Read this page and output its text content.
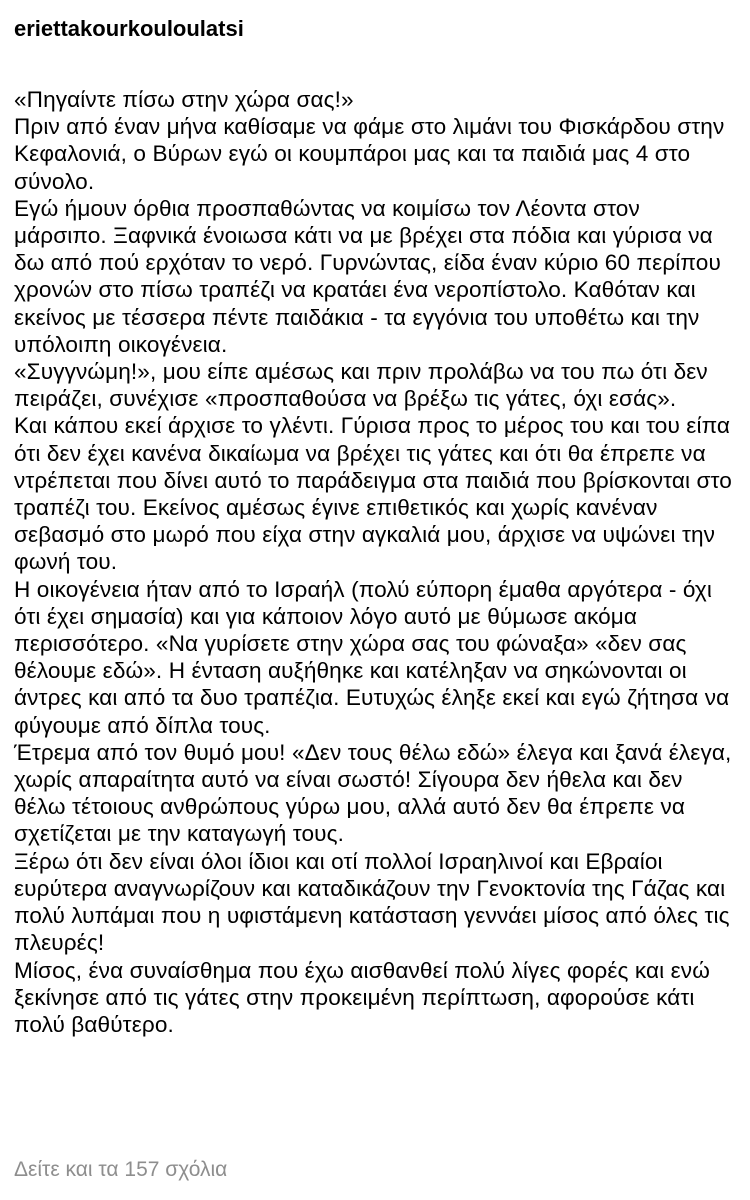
eriettakourkouloulatsi

«Πηγαίντε πίσω στην χώρα σας!»

Πριν από έναν μήνα καθίσαμε να φάμε στο λιμάνι του Φισκάρδου στην Κεφαλονιά, ο Βύρων εγώ οι κουμπάροι μας και τα παιδιά μας 4 στο σύνολο.

Εγώ ήμουν όρθια προσπαθώντας να κοιμίσω τον Λέοντα στον μάρσιπο. Ξαφνικά ένοιωσα κάτι να με βρέχει στα πόδια και γύρισα να δω από πού ερχόταν το νερό. Γυρνώντας, είδα έναν κύριο 60 περίπου χρονών στο πίσω τραπέζι να κρατάει ένα νεροπίστολο. Καθόταν και εκείνος με τέσσερα πέντε παιδάκια - τα εγγόνια του υποθέτω και την υπόλοιπη οικογένεια.

«Συγγνώμη!», μου είπε αμέσως και πριν προλάβω να του πω ότι δεν πειράζει, συνέχισε «προσπαθούσα να βρέξω τις γάτες, όχι εσάς».

Και κάπου εκεί άρχισε το γλέντι. Γύρισα προς το μέρος του και του είπα ότι δεν έχει κανένα δικαίωμα να βρέχει τις γάτες και ότι θα έπρεπε να ντρέπεται που δίνει αυτό το παράδειγμα στα παιδιά που βρίσκονται στο τραπέζι του. Εκείνος αμέσως έγινε επιθετικός και χωρίς κανέναν σεβασμό στο μωρό που είχα στην αγκαλιά μου, άρχισε να υψώνει την φωνή του.

Η οικογένεια ήταν από το Ισραήλ (πολύ εύπορη έμαθα αργότερα - όχι ότι έχει σημασία) και για κάποιον λόγο αυτό με θύμωσε ακόμα περισσότερο. «Να γυρίσετε στην χώρα σας του φώναξα» «δεν σας θέλουμε εδώ». Η ένταση αυξήθηκε και κατέληξαν να σηκώνονται οι άντρες και από τα δυο τραπέζια. Ευτυχώς έληξε εκεί και εγώ ζήτησα να φύγουμε από δίπλα τους.

Έτρεμα από τον θυμό μου! «Δεν τους θέλω εδώ» έλεγα και ξανά έλεγα, χωρίς απαραίτητα αυτό να είναι σωστό! Σίγουρα δεν ήθελα και δεν θέλω τέτοιους ανθρώπους γύρω μου, αλλά αυτό δεν θα έπρεπε να σχετίζεται με την καταγωγή τους.

Ξέρω ότι δεν είναι όλοι ίδιοι και οτί πολλοί Ισραηλινοί και Εβραίοι ευρύτερα αναγνωρίζουν και καταδικάζουν την Γενοκτονία της Γάζας και πολύ λυπάμαι που η υφιστάμενη κατάσταση γεννάει μίσος από όλες τις πλευρές!

Μίσος, ένα συναίσθημα που έχω αισθανθεί πολύ λίγες φορές και ενώ ξεκίνησε από τις γάτες στην προκειμένη περίπτωση, αφορούσε κάτι πολύ βαθύτερο.

Δείτε και τα 157 σχόλια
